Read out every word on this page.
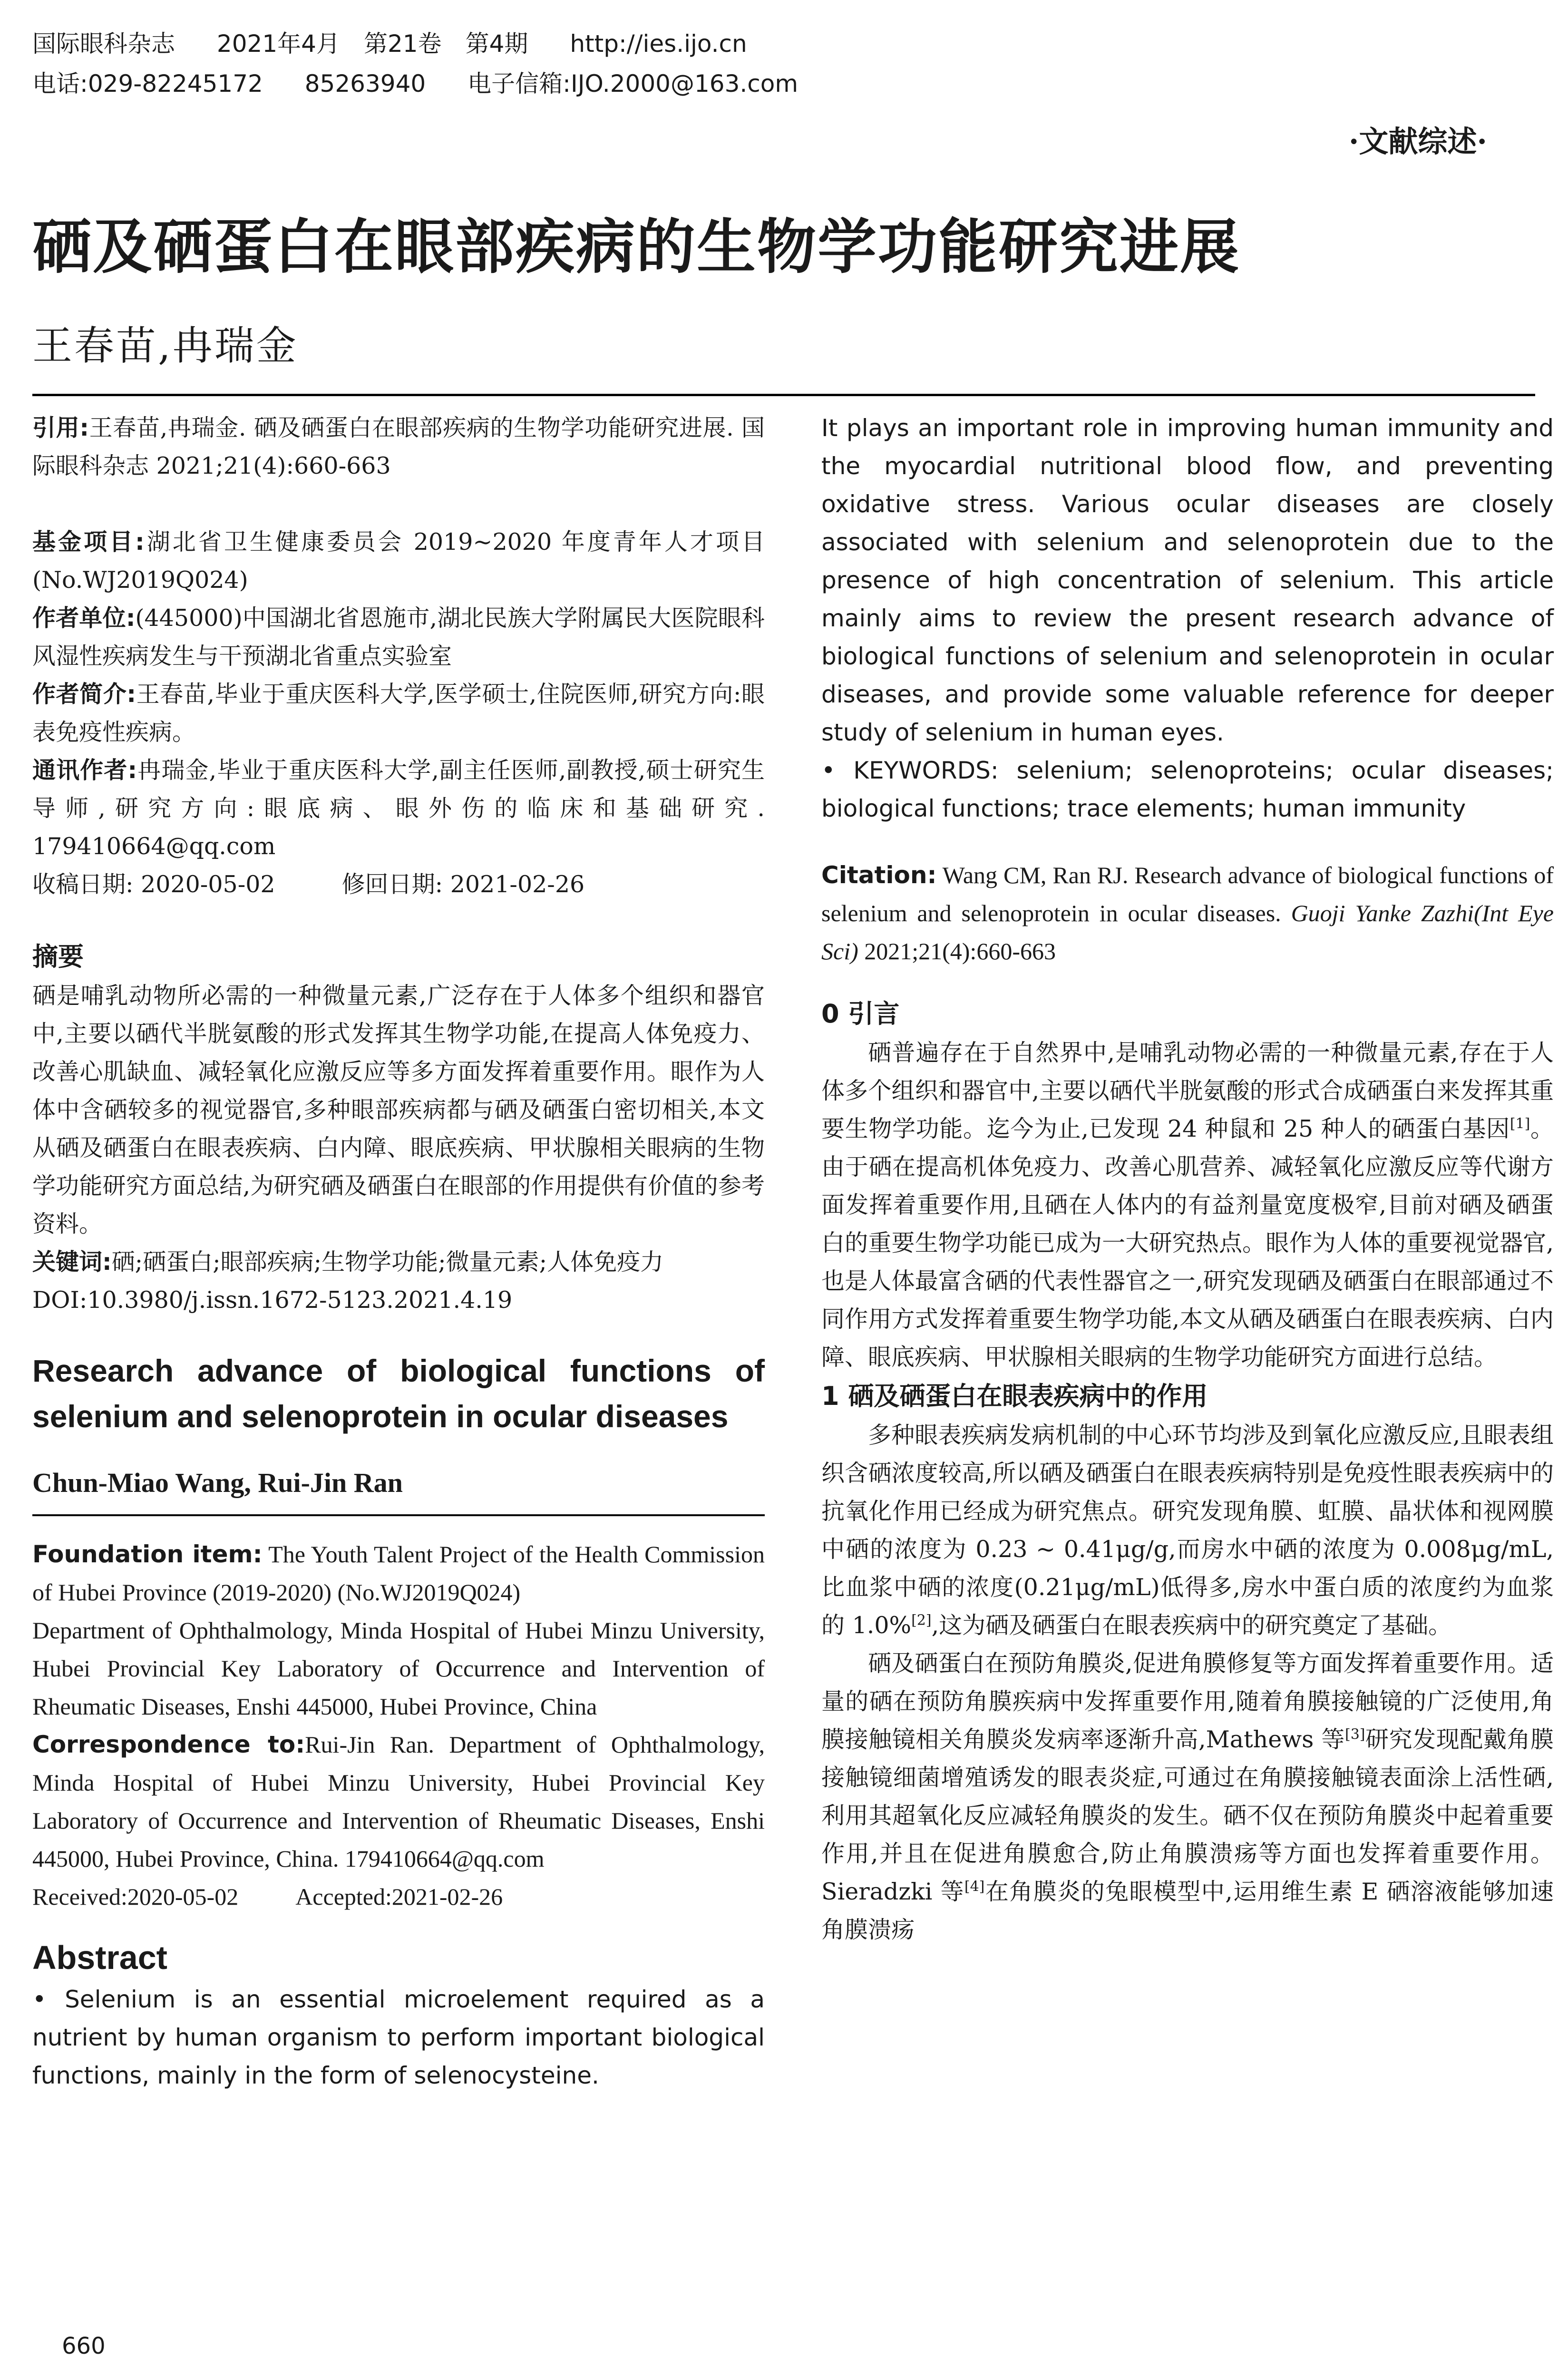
国际眼科杂志 2021年4月　第21卷　第4期 http://ies.ijo.cn
电话:029-82245172 85263940 电子信箱:IJO.2000@163.com
·文献综述·
硒及硒蛋白在眼部疾病的生物学功能研究进展
王春苗,冉瑞金

引用:王春苗,冉瑞金. 硒及硒蛋白在眼部疾病的生物学功能研究进展. 国际眼科杂志 2021;21(4):660-663

基金项目:湖北省卫生健康委员会 2019~2020 年度青年人才项目(No.WJ2019Q024)

作者单位:(445000)中国湖北省恩施市,湖北民族大学附属民大医院眼科 风湿性疾病发生与干预湖北省重点实验室

作者简介:王春苗,毕业于重庆医科大学,医学硕士,住院医师,研究方向:眼表免疫性疾病。

通讯作者:冉瑞金,毕业于重庆医科大学,副主任医师,副教授,硕士研究生导师,研究方向:眼底病、眼外伤的临床和基础研究. 179410664@qq.com

收稿日期: 2020-05-02	修回日期: 2021-02-26

摘要

硒是哺乳动物所必需的一种微量元素,广泛存在于人体多个组织和器官中,主要以硒代半胱氨酸的形式发挥其生物学功能,在提高人体免疫力、改善心肌缺血、减轻氧化应激反应等多方面发挥着重要作用。眼作为人体中含硒较多的视觉器官,多种眼部疾病都与硒及硒蛋白密切相关,本文从硒及硒蛋白在眼表疾病、白内障、眼底疾病、甲状腺相关眼病的生物学功能研究方面总结,为研究硒及硒蛋白在眼部的作用提供有价值的参考资料。

关键词:硒;硒蛋白;眼部疾病;生物学功能;微量元素;人体免疫力

DOI:10.3980/j.issn.1672-5123.2021.4.19

Research advance of biological functions of selenium and selenoprotein in ocular diseases

Chun-Miao Wang, Rui-Jin Ran

Foundation item: The Youth Talent Project of the Health Commission of Hubei Province (2019-2020) (No.WJ2019Q024)

Department of Ophthalmology, Minda Hospital of Hubei Minzu University, Hubei Provincial Key Laboratory of Occurrence and Intervention of Rheumatic Diseases, Enshi 445000, Hubei Province, China

Correspondence to:Rui-Jin Ran. Department of Ophthalmology, Minda Hospital of Hubei Minzu University, Hubei Provincial Key Laboratory of Occurrence and Intervention of Rheumatic Diseases, Enshi 445000, Hubei Province, China. 179410664@qq.com

Received:2020-05-02 Accepted:2021-02-26

Abstract

• Selenium is an essential microelement required as a nutrient by human organism to perform important biological functions, mainly in the form of selenocysteine.

It plays an important role in improving human immunity and the myocardial nutritional blood flow, and preventing oxidative stress. Various ocular diseases are closely associated with selenium and selenoprotein due to the presence of high concentration of selenium. This article mainly aims to review the present research advance of biological functions of selenium and selenoprotein in ocular diseases, and provide some valuable reference for deeper study of selenium in human eyes.

• KEYWORDS: selenium; selenoproteins; ocular diseases; biological functions; trace elements; human immunity

Citation: Wang CM, Ran RJ. Research advance of biological functions of selenium and selenoprotein in ocular diseases. Guoji Yanke Zazhi(Int Eye Sci) 2021;21(4):660-663

0 引言

硒普遍存在于自然界中,是哺乳动物必需的一种微量元素,存在于人体多个组织和器官中,主要以硒代半胱氨酸的形式合成硒蛋白来发挥其重要生物学功能。迄今为止,已发现 24 种鼠和 25 种人的硒蛋白基因[1]。由于硒在提高机体免疫力、改善心肌营养、减轻氧化应激反应等代谢方面发挥着重要作用,且硒在人体内的有益剂量宽度极窄,目前对硒及硒蛋白的重要生物学功能已成为一大研究热点。眼作为人体的重要视觉器官,也是人体最富含硒的代表性器官之一,研究发现硒及硒蛋白在眼部通过不同作用方式发挥着重要生物学功能,本文从硒及硒蛋白在眼表疾病、白内障、眼底疾病、甲状腺相关眼病的生物学功能研究方面进行总结。

1 硒及硒蛋白在眼表疾病中的作用

多种眼表疾病发病机制的中心环节均涉及到氧化应激反应,且眼表组织含硒浓度较高,所以硒及硒蛋白在眼表疾病特别是免疫性眼表疾病中的抗氧化作用已经成为研究焦点。研究发现角膜、虹膜、晶状体和视网膜中硒的浓度为 0.23 ~ 0.41μg/g,而房水中硒的浓度为 0.008μg/mL,比血浆中硒的浓度(0.21μg/mL)低得多,房水中蛋白质的浓度约为血浆的 1.0%[2],这为硒及硒蛋白在眼表疾病中的研究奠定了基础。

硒及硒蛋白在预防角膜炎,促进角膜修复等方面发挥着重要作用。适量的硒在预防角膜疾病中发挥重要作用,随着角膜接触镜的广泛使用,角膜接触镜相关角膜炎发病率逐渐升高,Mathews 等[3]研究发现配戴角膜接触镜细菌增殖诱发的眼表炎症,可通过在角膜接触镜表面涂上活性硒,利用其超氧化反应减轻角膜炎的发生。硒不仅在预防角膜炎中起着重要作用,并且在促进角膜愈合,防止角膜溃疡等方面也发挥着重要作用。Sieradzki 等[4]在角膜炎的兔眼模型中,运用维生素 E 硒溶液能够加速角膜溃疡

660
